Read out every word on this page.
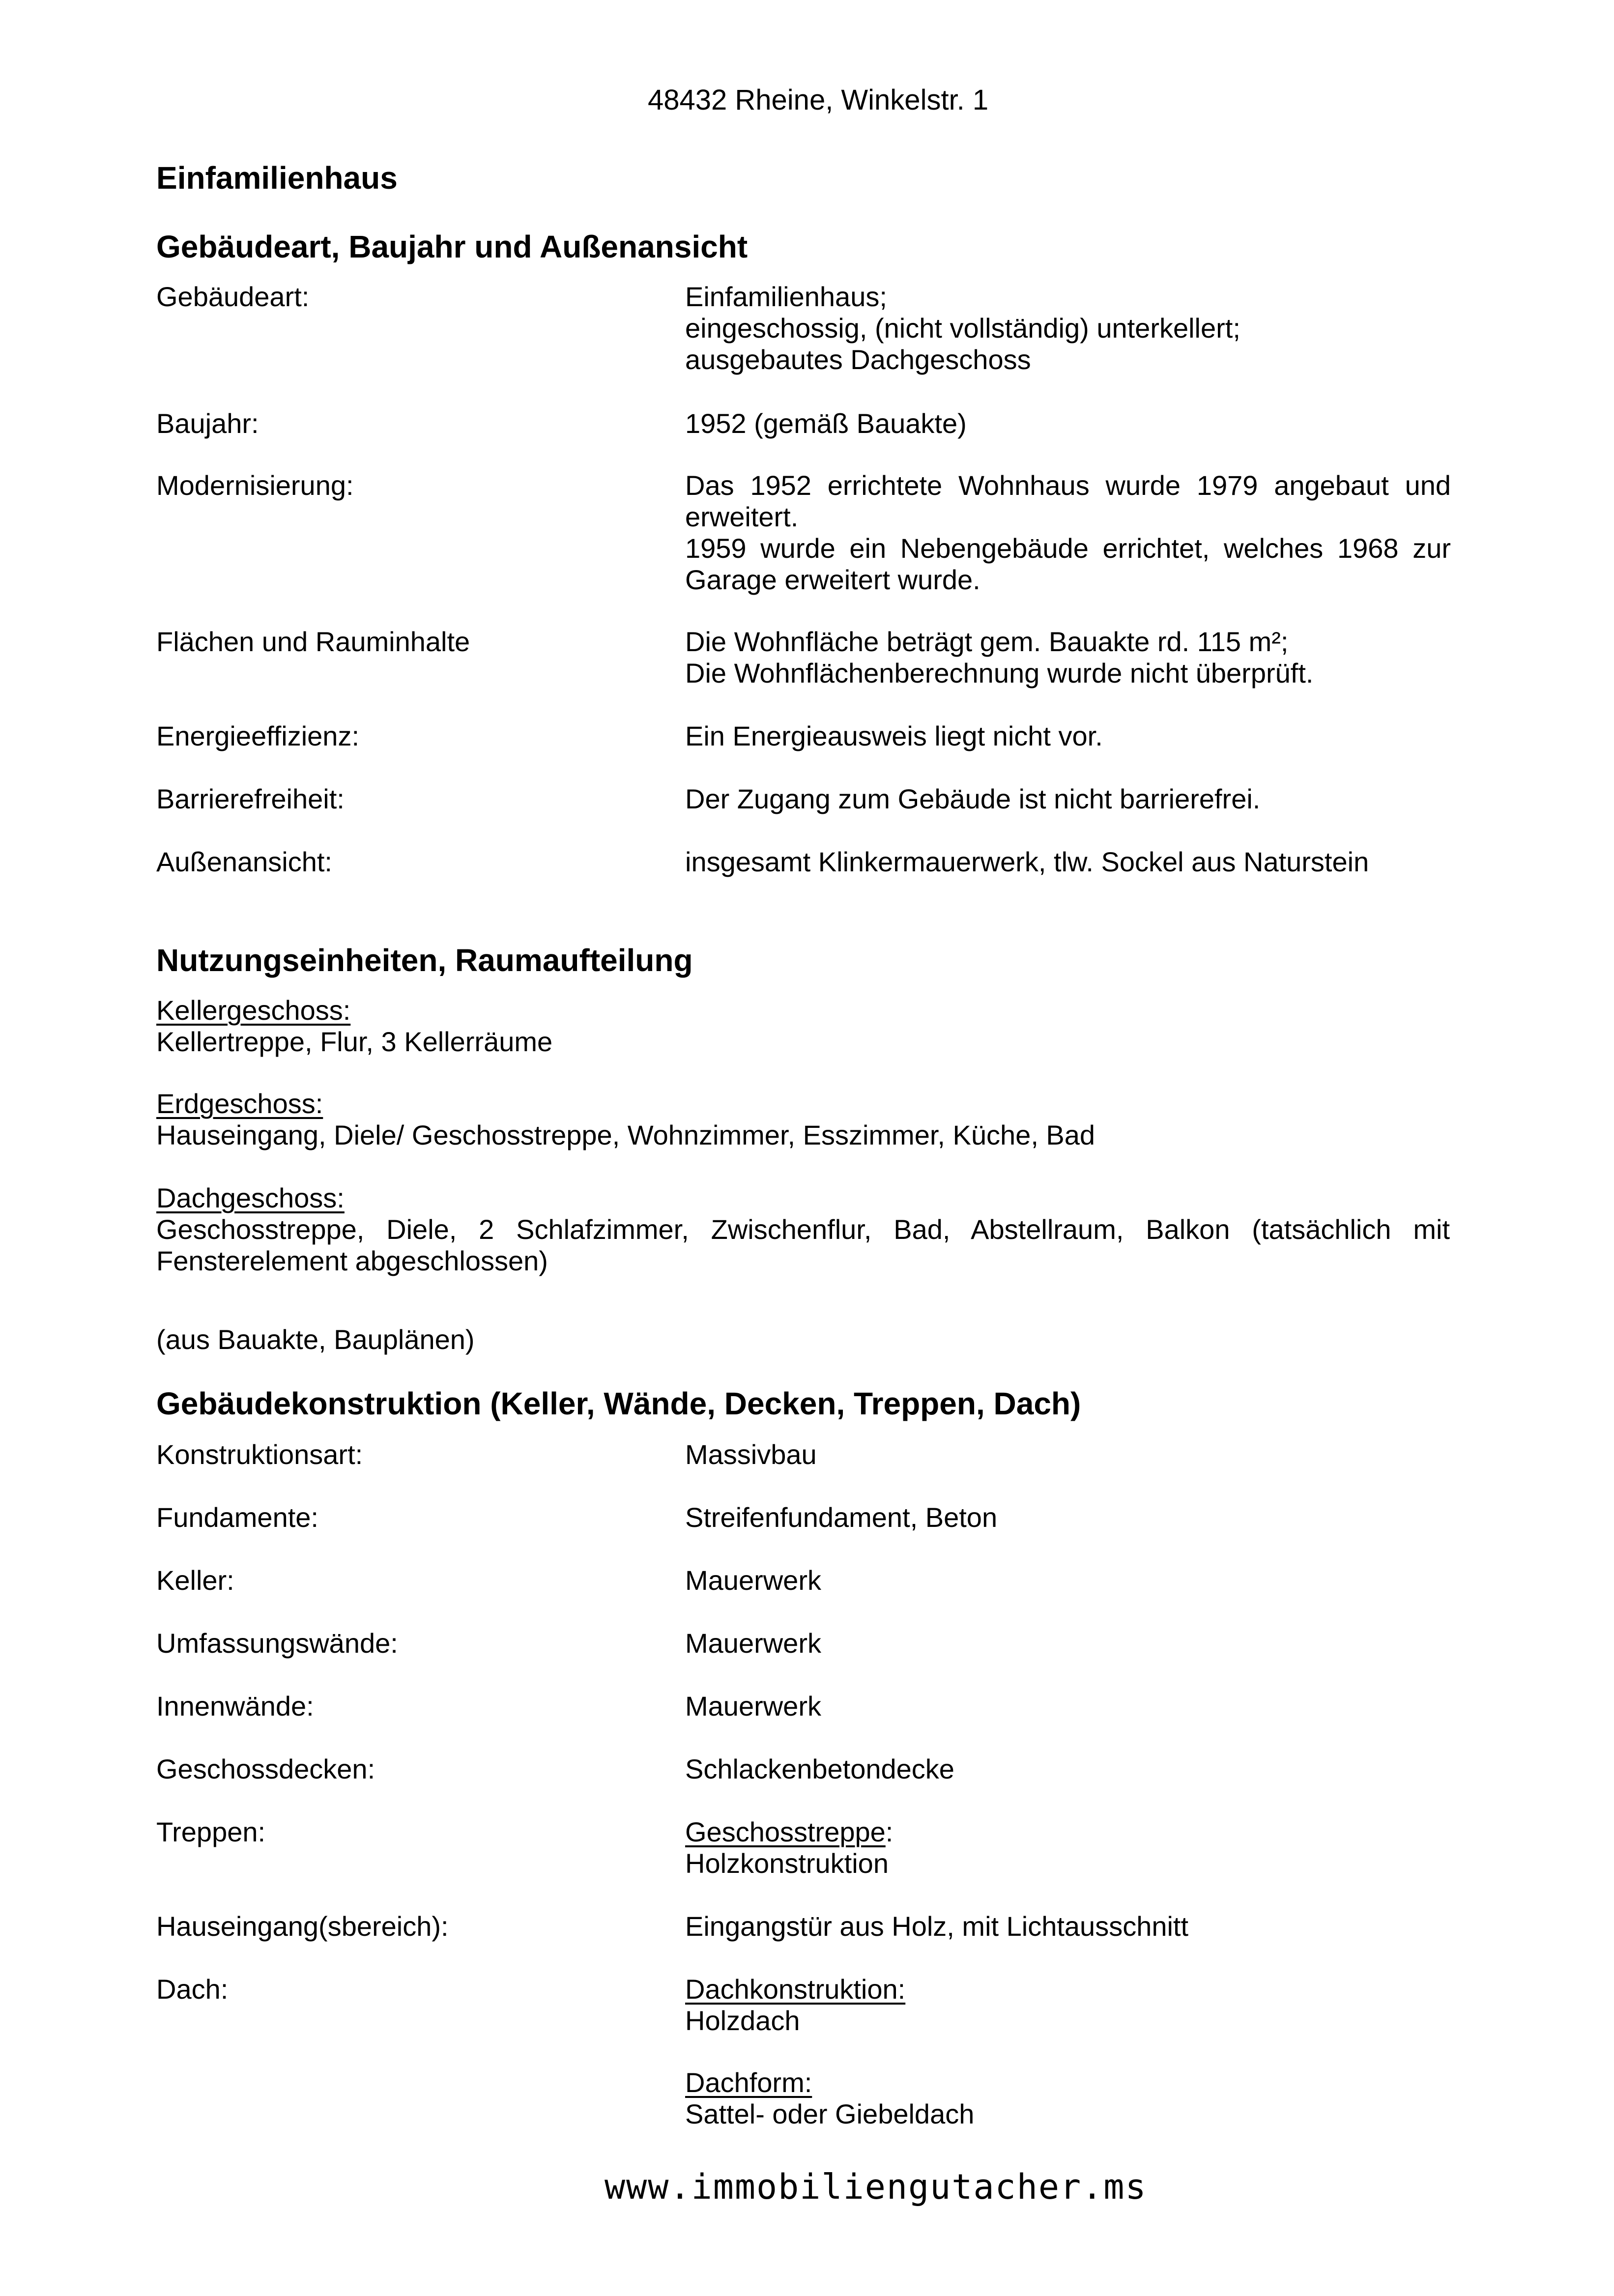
48432 Rheine, Winkelstr. 1
Einfamilienhaus
Gebäudeart, Baujahr und Außenansicht
Gebäudeart:	Einfamilienhaus;
eingeschossig, (nicht vollständig) unterkellert;
ausgebautes Dachgeschoss
Baujahr:	1952 (gemäß Bauakte)
Modernisierung:	Das 1952 errichtete Wohnhaus wurde 1979 angebaut und
erweitert.
1959 wurde ein Nebengebäude errichtet, welches 1968 zur
Garage erweitert wurde.
Flächen und Rauminhalte	Die Wohnfläche beträgt gem. Bauakte rd. 115 m²;
Die Wohnflächenberechnung wurde nicht überprüft.
Energieeffizienz:	Ein Energieausweis liegt nicht vor.
Barrierefreiheit:	Der Zugang zum Gebäude ist nicht barrierefrei.
Außenansicht:	insgesamt Klinkermauerwerk, tlw. Sockel aus Naturstein
Nutzungseinheiten, Raumaufteilung
Kellergeschoss:
Kellertreppe, Flur, 3 Kellerräume
Erdgeschoss:
Hauseingang, Diele/ Geschosstreppe, Wohnzimmer, Esszimmer, Küche, Bad
Dachgeschoss:
Geschosstreppe, Diele, 2 Schlafzimmer, Zwischenflur, Bad, Abstellraum, Balkon (tatsächlich mit
Fensterelement abgeschlossen)
(aus Bauakte, Bauplänen)
Gebäudekonstruktion (Keller, Wände, Decken, Treppen, Dach)
Konstruktionsart:	Massivbau
Fundamente:	Streifenfundament, Beton
Keller:	Mauerwerk
Umfassungswände:	Mauerwerk
Innenwände:	Mauerwerk
Geschossdecken:	Schlackenbetondecke
Treppen:	Geschosstreppe:
Holzkonstruktion
Hauseingang(sbereich):	Eingangstür aus Holz, mit Lichtausschnitt
Dach:	Dachkonstruktion:
Holzdach
Dachform:
Sattel- oder Giebeldach
www.immobiliengutacher.ms
